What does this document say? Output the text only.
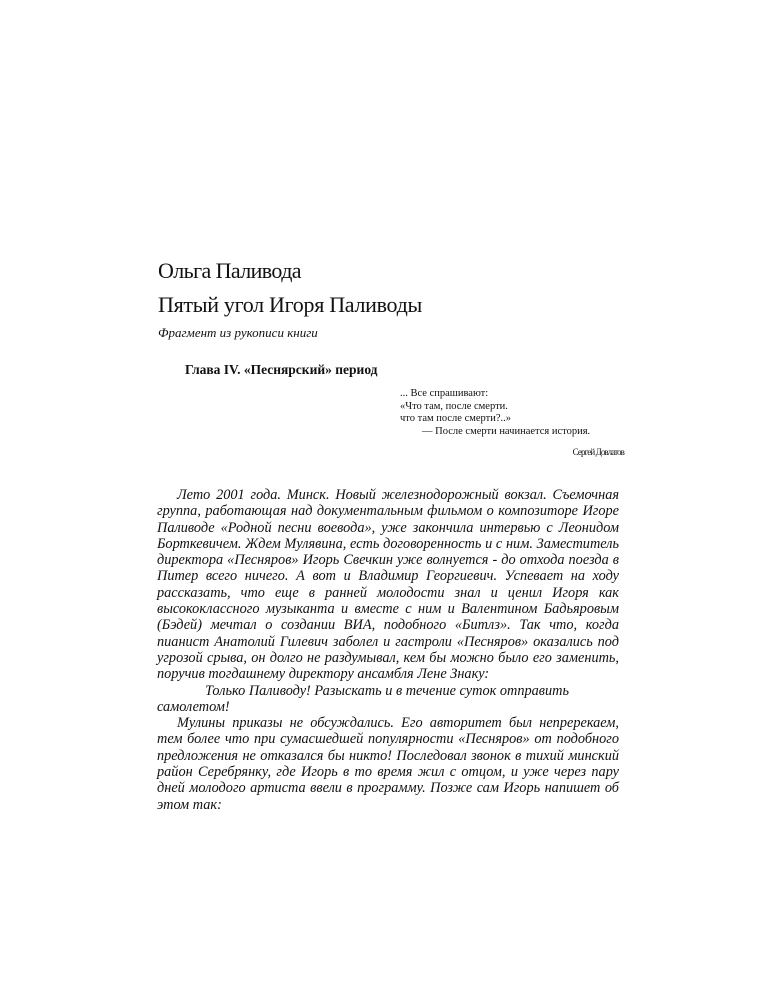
Ольга Паливода
Пятый угол Игоря Паливоды

Фрагмент из рукописи книги

Глава IV. «Песнярский» период
... Все спрашивают:
«Что там, после смерти.
что там после смерти?..»
— После смерти начинается история.
Сергей Довлатов

Лето 2001 года. Минск. Новый железнодорожный вокзал. Съемочная группа, работающая над документальным фильмом о композиторе Игоре Паливоде «Родной песни воевода», уже закончила интервью с Леонидом Борткевичем. Ждем Мулявина, есть договоренность и с ним. Заместитель директора «Песняров» Игорь Свечкин уже волнуется - до отхода поезда в Питер всего ничего. А вот и Владимир Георгиевич. Успевает на ходу рассказать, что еще в ранней молодости знал и ценил Игоря как высококлассного музыканта и вместе с ним и Валентином Бадьяровым (Бэдей) мечтал о создании ВИА, подобного «Битлз». Так что, когда пианист Анатолий Гилевич заболел и гастроли «Песняров» оказались под угрозой срыва, он долго не раздумывал, кем бы можно было его заменить, поручив тогдашнему директору ансамбля Лене Знаку:

Только Паливоду! Разыскать и в течение суток отправить самолетом!

Мулины приказы не обсуждались. Его авторитет был непререкаем, тем более что при сумасшедшей популярности «Песняров» от подобного предложения не отказался бы никто! Последовал звонок в тихий минский район Серебрянку, где Игорь в то время жил с отцом, и уже через пару дней молодого артиста ввели в программу. Позже сам Игорь напишет об этом так:
